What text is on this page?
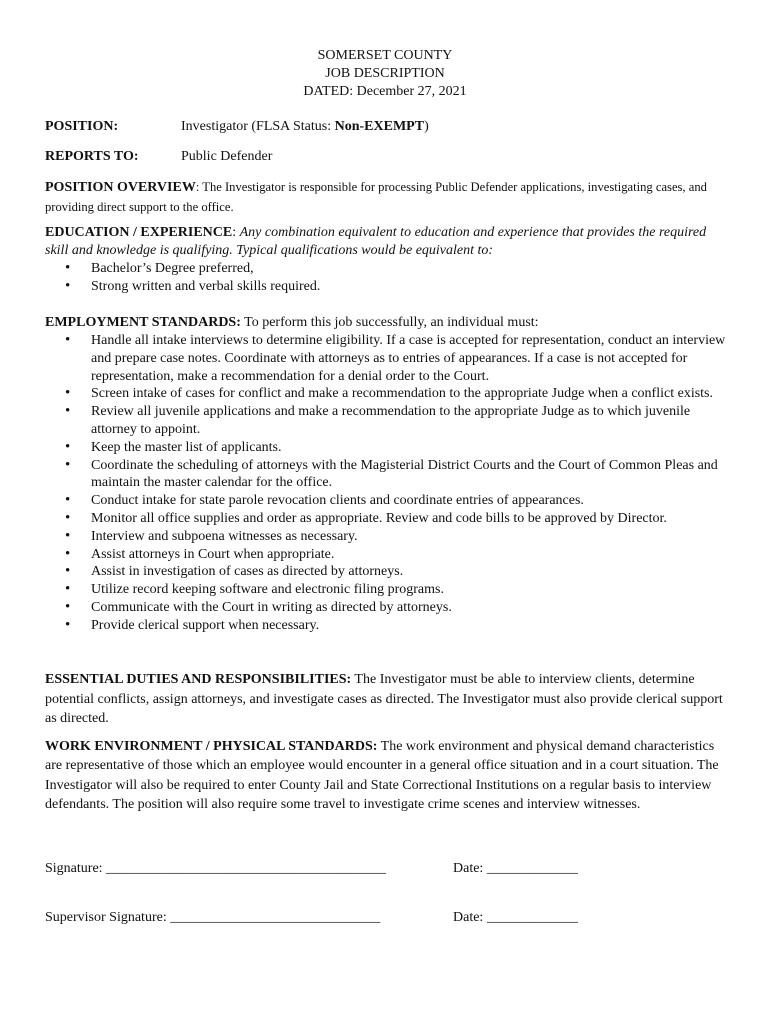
SOMERSET COUNTY
JOB DESCRIPTION
DATED: December 27, 2021
POSITION:	Investigator (FLSA Status: Non-EXEMPT)
REPORTS TO:	Public Defender
POSITION OVERVIEW: The Investigator is responsible for processing Public Defender applications, investigating cases, and providing direct support to the office.
EDUCATION / EXPERIENCE: Any combination equivalent to education and experience that provides the required skill and knowledge is qualifying. Typical qualifications would be equivalent to:
• Bachelor’s Degree preferred,
• Strong written and verbal skills required.
EMPLOYMENT STANDARDS: To perform this job successfully, an individual must:
• Handle all intake interviews to determine eligibility. If a case is accepted for representation, conduct an interview and prepare case notes. Coordinate with attorneys as to entries of appearances. If a case is not accepted for representation, make a recommendation for a denial order to the Court.
• Screen intake of cases for conflict and make a recommendation to the appropriate Judge when a conflict exists.
• Review all juvenile applications and make a recommendation to the appropriate Judge as to which juvenile attorney to appoint.
• Keep the master list of applicants.
• Coordinate the scheduling of attorneys with the Magisterial District Courts and the Court of Common Pleas and maintain the master calendar for the office.
• Conduct intake for state parole revocation clients and coordinate entries of appearances.
• Monitor all office supplies and order as appropriate. Review and code bills to be approved by Director.
• Interview and subpoena witnesses as necessary.
• Assist attorneys in Court when appropriate.
• Assist in investigation of cases as directed by attorneys.
• Utilize record keeping software and electronic filing programs.
• Communicate with the Court in writing as directed by attorneys.
• Provide clerical support when necessary.
ESSENTIAL DUTIES AND RESPONSIBILITIES: The Investigator must be able to interview clients, determine potential conflicts, assign attorneys, and investigate cases as directed. The Investigator must also provide clerical support as directed.
WORK ENVIRONMENT / PHYSICAL STANDARDS: The work environment and physical demand characteristics are representative of those which an employee would encounter in a general office situation and in a court situation. The Investigator will also be required to enter County Jail and State Correctional Institutions on a regular basis to interview defendants. The position will also require some travel to investigate crime scenes and interview witnesses.
Signature: ________________________________________	Date: _____________
Supervisor Signature: ______________________________	Date: _____________
